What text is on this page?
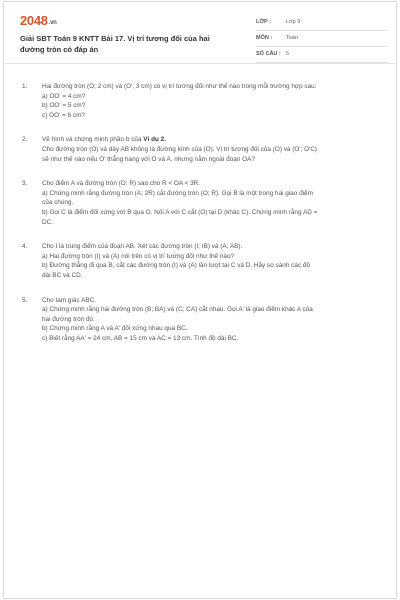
2048.vn
Giải SBT Toán 9 KNTT Bài 17. Vị trí tương đối của hai
đường tròn có đáp án
LỚP :	Lớp 9
MÔN :	Toán
SỐ CÂU : 5
1. Hai đường tròn (O; 2 cm) và (O'; 3 cm) có vị trí tương đối như thế nào trong mỗi trường hợp sau:
a) OO' = 4 cm?
b) OO' = 5 cm?
c) OO' = 6 cm?
2. Vẽ hình và chứng minh phần b của Ví dụ 2.
Cho đường tròn (O) và dây AB không là đường kính của (O). Vị trí tương đối của (O) và (O'; O'C)
sẽ như thế nào nếu O' thẳng hàng với O và A, nhưng nằm ngoài đoạn OA?
3. Cho điểm A và đường tròn (O; R) sao cho R < OA < 3R.
a) Chứng minh rằng đường tròn (A; 2R) cắt đường tròn (O; R). Gọi B là một trong hai giao điểm
của chúng.
b) Gọi C là điểm đối xứng với B qua O. Nối A với C cắt (O) tại D (khác C). Chứng minh rằng AD =
DC.
4. Cho I là trung điểm của đoạn AB. Xét các đường tròn (I; IB) và (A; AB).
a) Hai đường tròn (I) và (A) nói trên có vị trí tương đối như thế nào?
b) Đường thẳng đi qua B, cắt các đường tròn (I) và (A) lần lượt tại C và D. Hãy so sánh các độ
dài BC và CD.
5. Cho tam giác ABC.
a) Chứng minh rằng hai đường tròn (B; BA) và (C; CA) cắt nhau. Gọi A' là giao điểm khác A của
hai đường tròn đó.
b) Chứng minh rằng A và A' đối xứng nhau qua BC.
c) Biết rằng AA' = 24 cm, AB = 15 cm và AC = 13 cm. Tính độ dài BC.
